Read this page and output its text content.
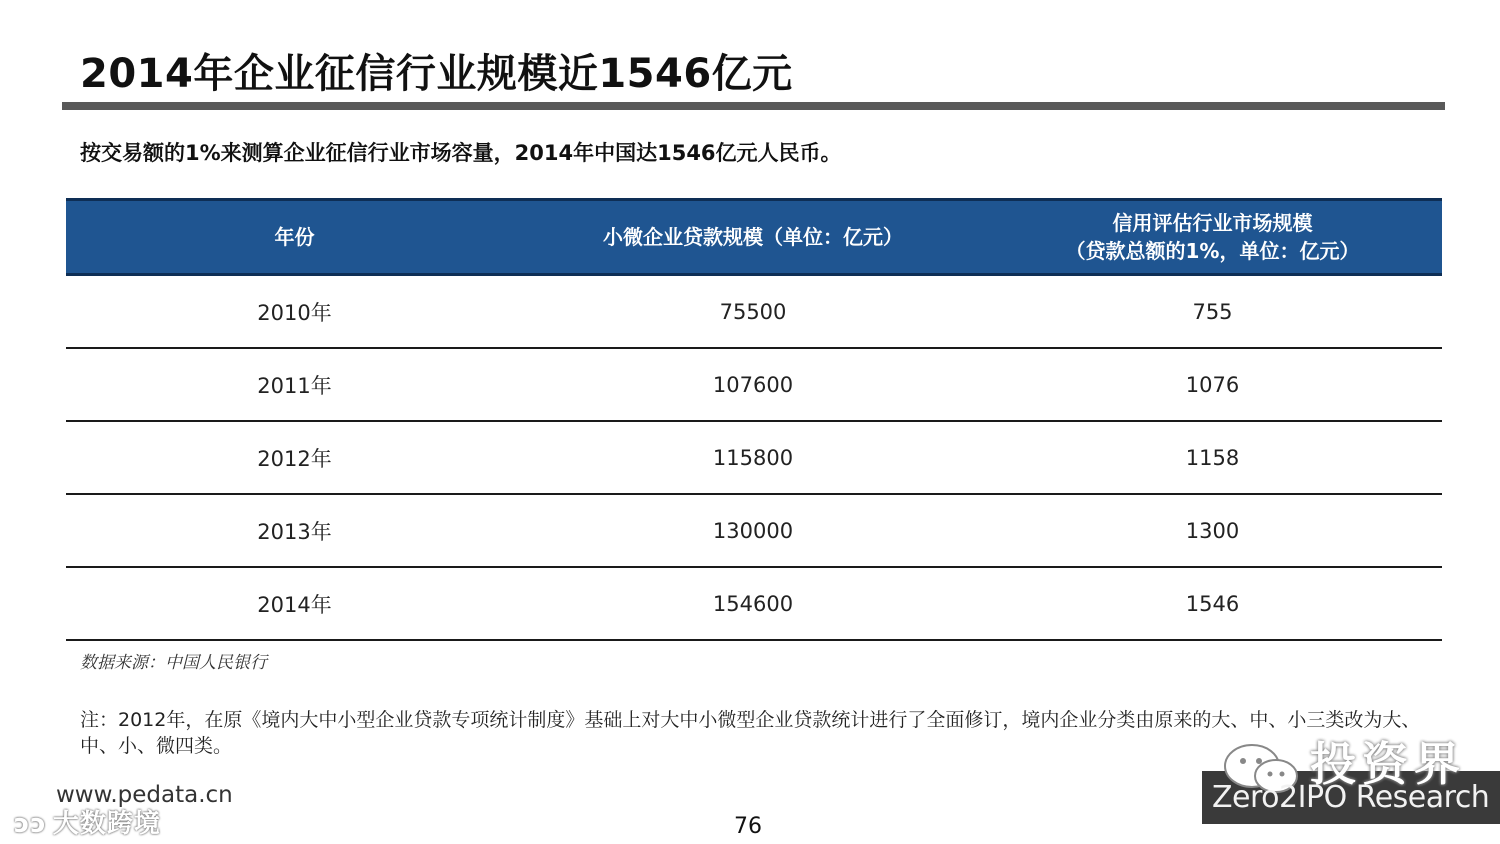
2014年企业征信行业规模近1546亿元
按交易额的1%来测算企业征信行业市场容量，2014年中国达1546亿元人民币。
年份	小微企业贷款规模（单位：亿元）	信用评估行业市场规模
（贷款总额的1%，单位：亿元）

2010年	75500	755
2011年	107600	1076
2012年	115800	1158
2013年	130000	1300
2014年	154600	1546
数据来源：中国人民银行
注：2012年，在原《境内大中小型企业贷款专项统计制度》基础上对大中小微型企业贷款统计进行了全面修订，境内企业分类由原来的大、中、小三类改为大、中、小、微四类。
www.pedata.cn
ↄↄ 大数跨境	76
投资界
Zero2IPO Research
